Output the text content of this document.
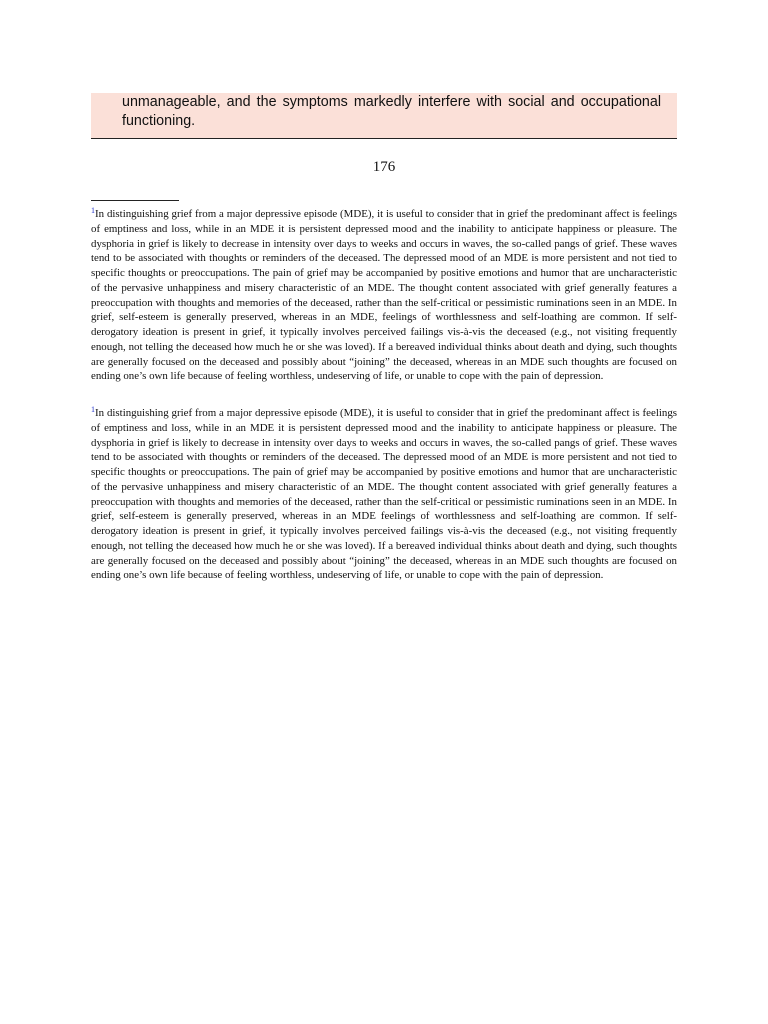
unmanageable, and the symptoms markedly interfere with social and occupational functioning.

176

$^1$In distinguishing grief from a major depressive episode (MDE), it is useful to consider that in grief the predominant affect is feelings of emptiness and loss, while in an MDE it is persistent depressed mood and the inability to anticipate happiness or pleasure. The dysphoria in grief is likely to decrease in intensity over days to weeks and occurs in waves, the so-called pangs of grief. These waves tend to be associated with thoughts or reminders of the deceased. The depressed mood of an MDE is more persistent and not tied to specific thoughts or preoccupations. The pain of grief may be accompanied by positive emotions and humor that are uncharacteristic of the pervasive unhappiness and misery characteristic of an MDE. The thought content associated with grief generally features a preoccupation with thoughts and memories of the deceased, rather than the self-critical or pessimistic ruminations seen in an MDE. In grief, self-esteem is generally preserved, whereas in an MDE, feelings of worthlessness and self-loathing are common. If self-derogatory ideation is present in grief, it typically involves perceived failings vis-à-vis the deceased (e.g., not visiting frequently enough, not telling the deceased how much he or she was loved). If a bereaved individual thinks about death and dying, such thoughts are generally focused on the deceased and possibly about “joining” the deceased, whereas in an MDE such thoughts are focused on ending one’s own life because of feeling worthless, undeserving of life, or unable to cope with the pain of depression.

$^1$In distinguishing grief from a major depressive episode (MDE), it is useful to consider that in grief the predominant affect is feelings of emptiness and loss, while in an MDE it is persistent depressed mood and the inability to anticipate happiness or pleasure. The dysphoria in grief is likely to decrease in intensity over days to weeks and occurs in waves, the so-called pangs of grief. These waves tend to be associated with thoughts or reminders of the deceased. The depressed mood of an MDE is more persistent and not tied to specific thoughts or preoccupations. The pain of grief may be accompanied by positive emotions and humor that are uncharacteristic of the pervasive unhappiness and misery characteristic of an MDE. The thought content associated with grief generally features a preoccupation with thoughts and memories of the deceased, rather than the self-critical or pessimistic ruminations seen in an MDE. In grief, self-esteem is generally preserved, whereas in an MDE feelings of worthlessness and self-loathing are common. If self-derogatory ideation is present in grief, it typically involves perceived failings vis-à-vis the deceased (e.g., not visiting frequently enough, not telling the deceased how much he or she was loved). If a bereaved individual thinks about death and dying, such thoughts are generally focused on the deceased and possibly about “joining” the deceased, whereas in an MDE such thoughts are focused on ending one’s own life because of feeling worthless, undeserving of life, or unable to cope with the pain of depression.
